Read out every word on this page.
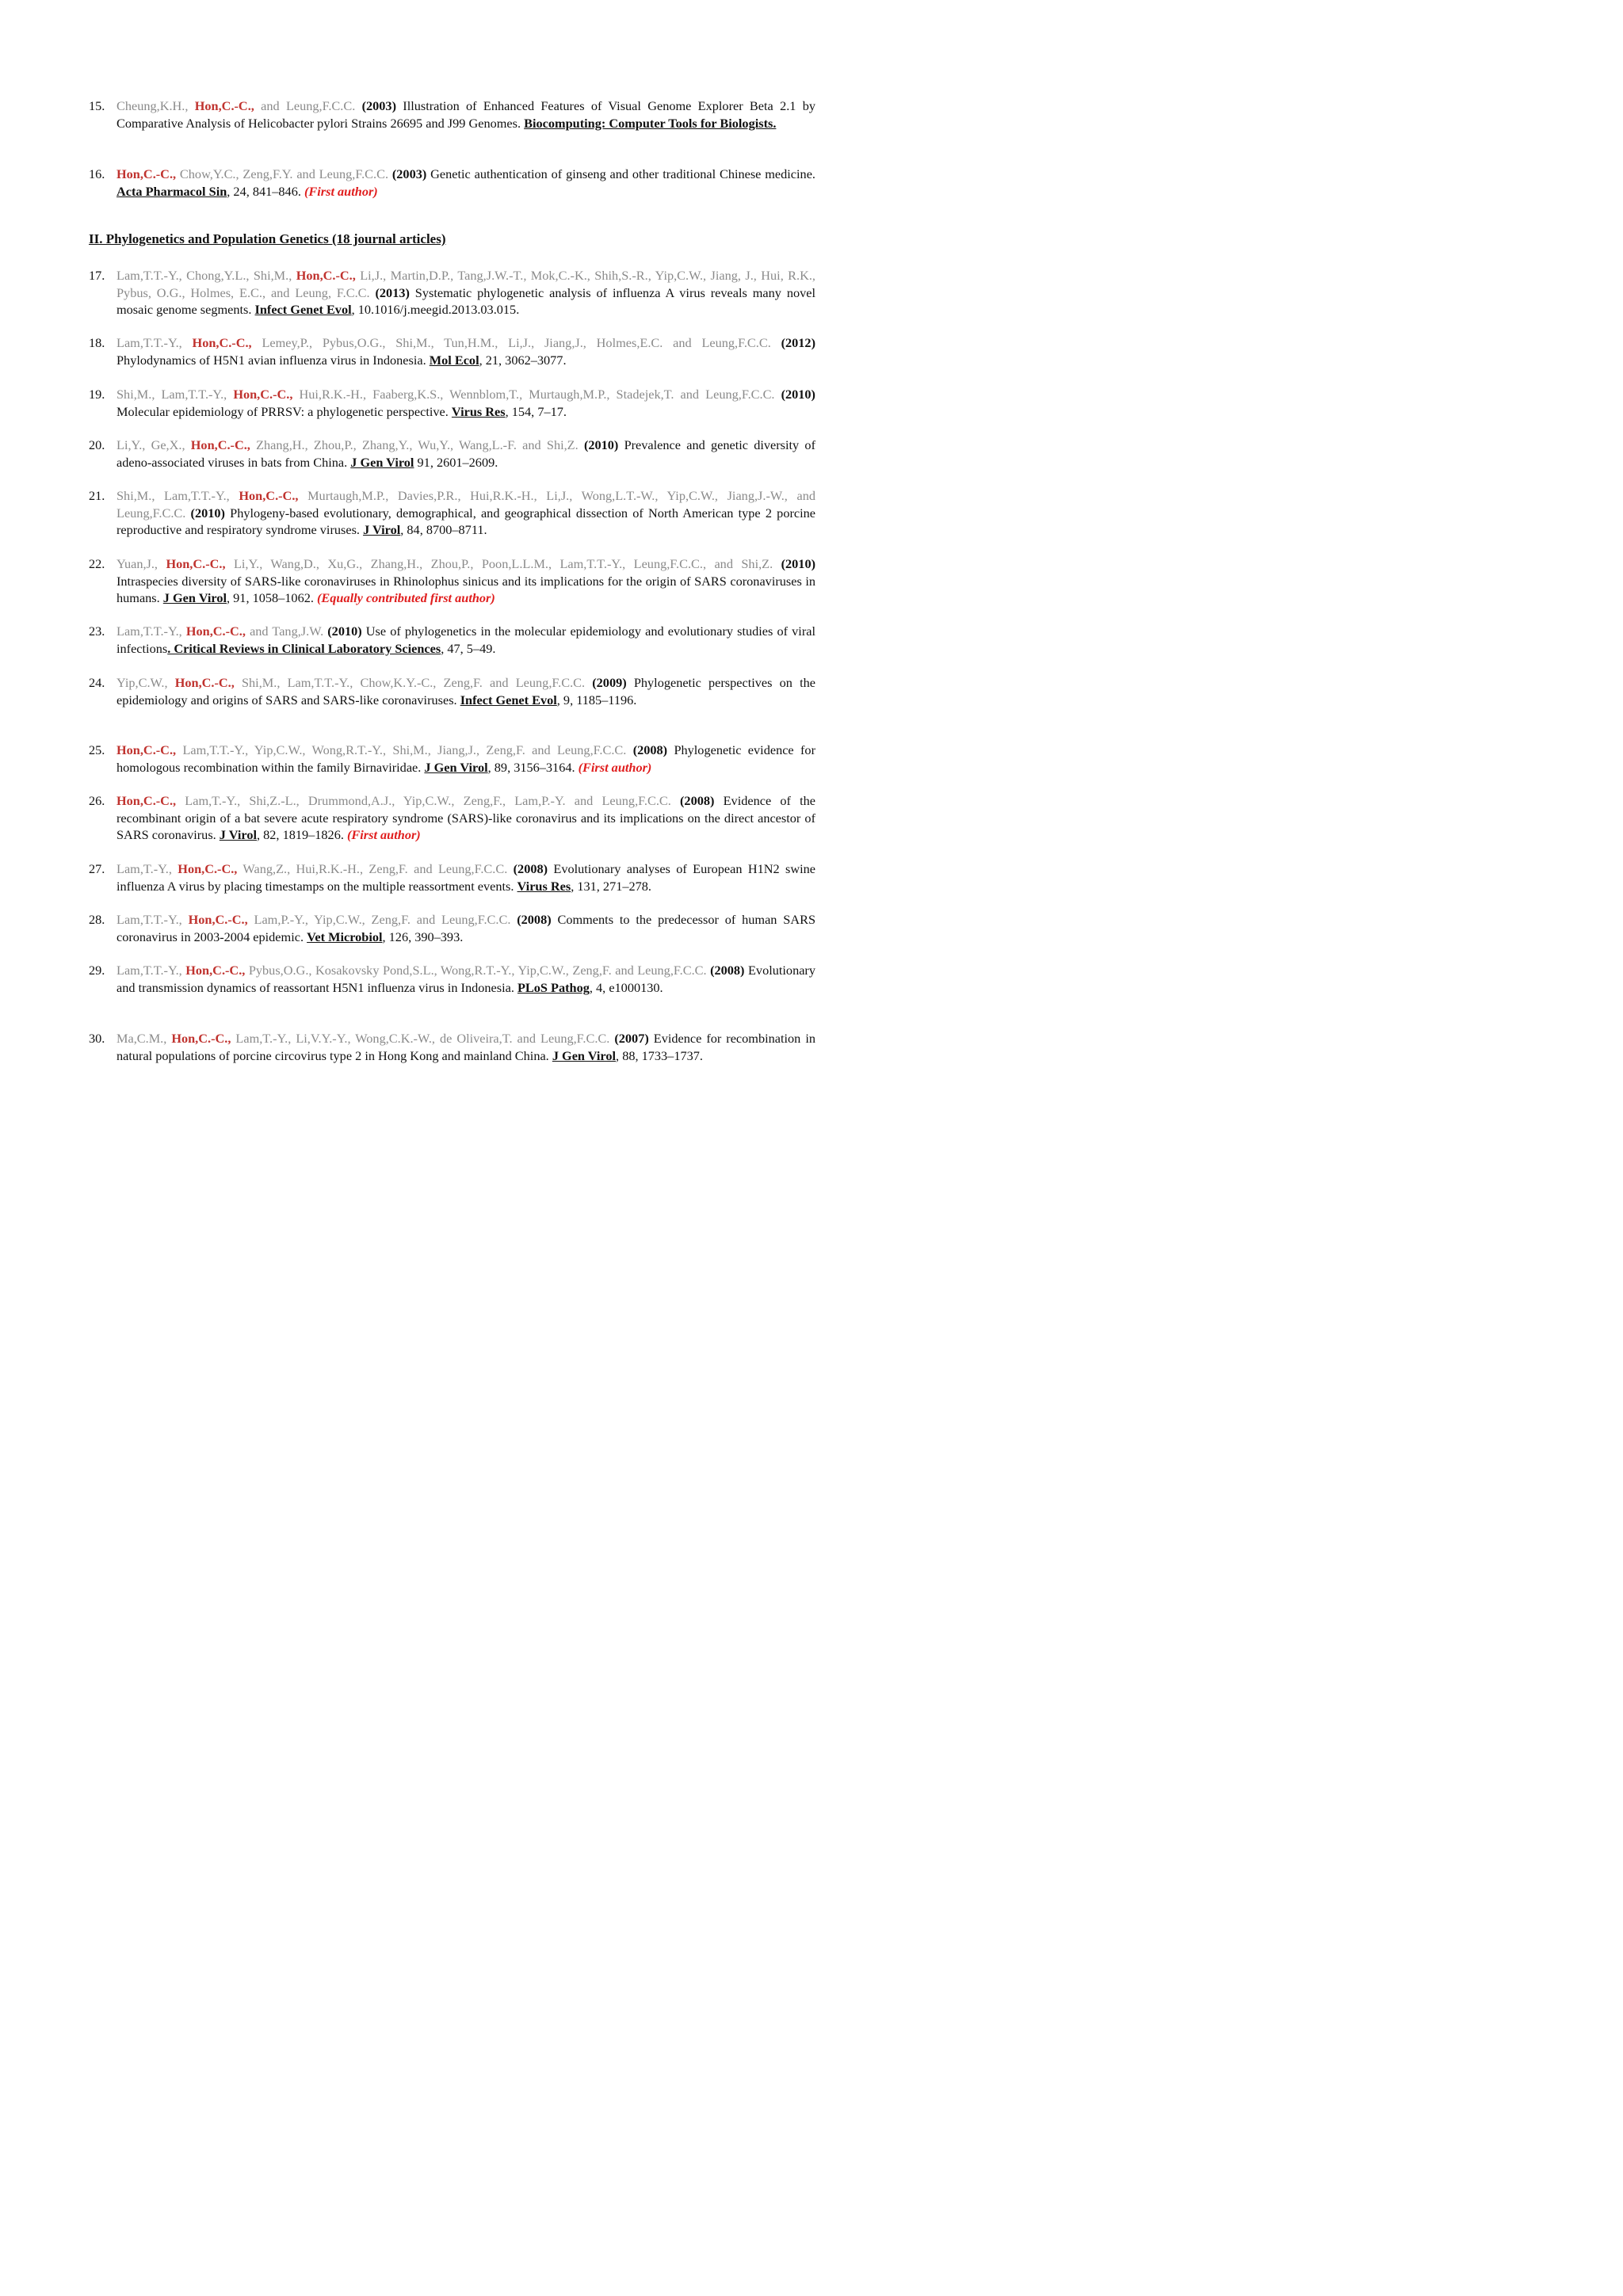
II. Phylogenetics and Population Genetics (18 journal articles)
15. Cheung,K.H., Hon,C.-C., and Leung,F.C.C. (2003) Illustration of Enhanced Features of Visual Genome Explorer Beta 2.1 by Comparative Analysis of Helicobacter pylori Strains 26695 and J99 Genomes. Biocomputing: Computer Tools for Biologists.
16. Hon,C.-C., Chow,Y.C., Zeng,F.Y. and Leung,F.C.C. (2003) Genetic authentication of ginseng and other traditional Chinese medicine. Acta Pharmacol Sin, 24, 841–846. (First author)
17. Lam,T.T.-Y., Chong,Y.L., Shi,M., Hon,C.-C., Li,J., Martin,D.P., Tang,J.W.-T., Mok,C.-K., Shih,S.-R., Yip,C.W., Jiang, J., Hui, R.K., Pybus, O.G., Holmes, E.C., and Leung, F.C.C. (2013) Systematic phylogenetic analysis of influenza A virus reveals many novel mosaic genome segments. Infect Genet Evol, 10.1016/j.meegid.2013.03.015.
18. Lam,T.T.-Y., Hon,C.-C., Lemey,P., Pybus,O.G., Shi,M., Tun,H.M., Li,J., Jiang,J., Holmes,E.C. and Leung,F.C.C. (2012) Phylodynamics of H5N1 avian influenza virus in Indonesia. Mol Ecol, 21, 3062–3077.
19. Shi,M., Lam,T.T.-Y., Hon,C.-C., Hui,R.K.-H., Faaberg,K.S., Wennblom,T., Murtaugh,M.P., Stadejek,T. and Leung,F.C.C. (2010) Molecular epidemiology of PRRSV: a phylogenetic perspective. Virus Res, 154, 7–17.
20. Li,Y., Ge,X., Hon,C.-C., Zhang,H., Zhou,P., Zhang,Y., Wu,Y., Wang,L.-F. and Shi,Z. (2010) Prevalence and genetic diversity of adeno-associated viruses in bats from China. J Gen Virol 91, 2601–2609.
21. Shi,M., Lam,T.T.-Y., Hon,C.-C., Murtaugh,M.P., Davies,P.R., Hui,R.K.-H., Li,J., Wong,L.T.-W., Yip,C.W., Jiang,J.-W., and Leung,F.C.C. (2010) Phylogeny-based evolutionary, demographical, and geographical dissection of North American type 2 porcine reproductive and respiratory syndrome viruses. J Virol, 84, 8700–8711.
22. Yuan,J., Hon,C.-C., Li,Y., Wang,D., Xu,G., Zhang,H., Zhou,P., Poon,L.L.M., Lam,T.T.-Y., Leung,F.C.C., and Shi,Z. (2010) Intraspecies diversity of SARS-like coronaviruses in Rhinolophus sinicus and its implications for the origin of SARS coronaviruses in humans. J Gen Virol, 91, 1058–1062. (Equally contributed first author)
23. Lam,T.T.-Y., Hon,C.-C., and Tang,J.W. (2010) Use of phylogenetics in the molecular epidemiology and evolutionary studies of viral infections. Critical Reviews in Clinical Laboratory Sciences, 47, 5–49.
24. Yip,C.W., Hon,C.-C., Shi,M., Lam,T.T.-Y., Chow,K.Y.-C., Zeng,F. and Leung,F.C.C. (2009) Phylogenetic perspectives on the epidemiology and origins of SARS and SARS-like coronaviruses. Infect Genet Evol, 9, 1185–1196.
25. Hon,C.-C., Lam,T.T.-Y., Yip,C.W., Wong,R.T.-Y., Shi,M., Jiang,J., Zeng,F. and Leung,F.C.C. (2008) Phylogenetic evidence for homologous recombination within the family Birnaviridae. J Gen Virol, 89, 3156–3164. (First author)
26. Hon,C.-C., Lam,T.-Y., Shi,Z.-L., Drummond,A.J., Yip,C.W., Zeng,F., Lam,P.-Y. and Leung,F.C.C. (2008) Evidence of the recombinant origin of a bat severe acute respiratory syndrome (SARS)-like coronavirus and its implications on the direct ancestor of SARS coronavirus. J Virol, 82, 1819–1826. (First author)
27. Lam,T.-Y., Hon,C.-C., Wang,Z., Hui,R.K.-H., Zeng,F. and Leung,F.C.C. (2008) Evolutionary analyses of European H1N2 swine influenza A virus by placing timestamps on the multiple reassortment events. Virus Res, 131, 271–278.
28. Lam,T.T.-Y., Hon,C.-C., Lam,P.-Y., Yip,C.W., Zeng,F. and Leung,F.C.C. (2008) Comments to the predecessor of human SARS coronavirus in 2003-2004 epidemic. Vet Microbiol, 126, 390–393.
29. Lam,T.T.-Y., Hon,C.-C., Pybus,O.G., Kosakovsky Pond,S.L., Wong,R.T.-Y., Yip,C.W., Zeng,F. and Leung,F.C.C. (2008) Evolutionary and transmission dynamics of reassortant H5N1 influenza virus in Indonesia. PLoS Pathog, 4, e1000130.
30. Ma,C.M., Hon,C.-C., Lam,T.-Y., Li,V.Y.-Y., Wong,C.K.-W., de Oliveira,T. and Leung,F.C.C. (2007) Evidence for recombination in natural populations of porcine circovirus type 2 in Hong Kong and mainland China. J Gen Virol, 88, 1733–1737.
